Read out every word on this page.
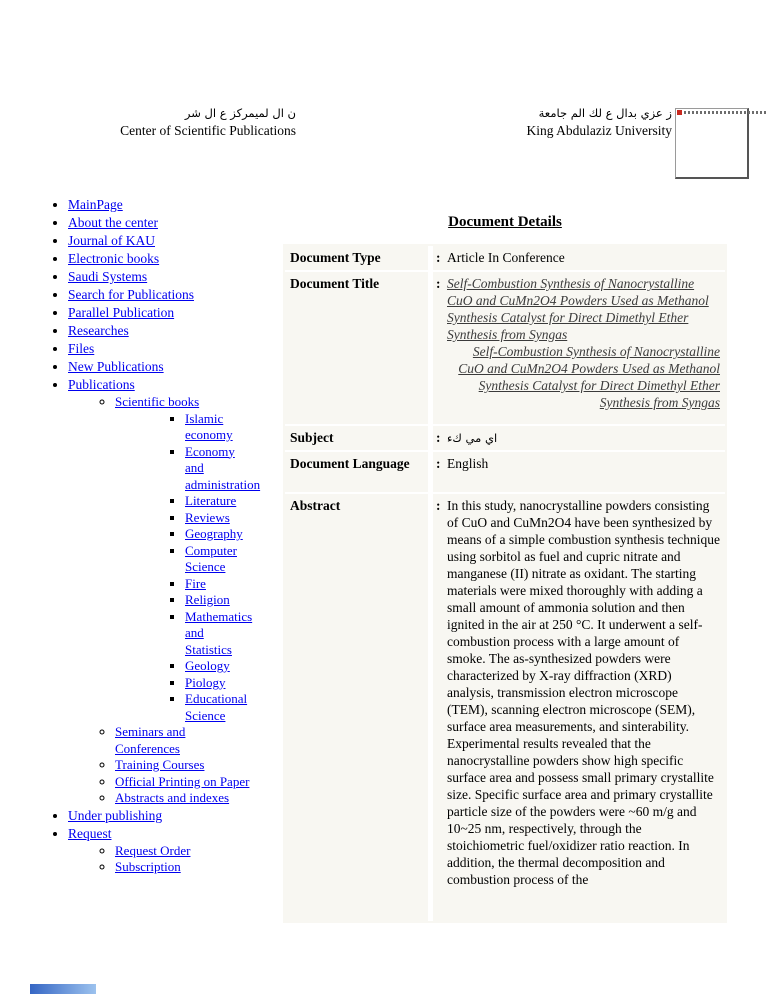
ن ال لميمركز ع ال شر
Center of Scientific Publications
ز عزي بدال ع لك الم جامعة
King Abdulaziz University
• MainPage
• About the center
• Journal of KAU
• Electronic books
• Saudi Systems
• Search for Publications
• Parallel Publication
• Researches
• Files
• New Publications
• Publications
◦ Scientific books
▪ Islamic economy
▪ Economy and administration
▪ Literature
▪ Reviews
▪ Geography
▪ Computer Science
▪ Fire
▪ Religion
▪ Mathematics and Statistics
▪ Geology
▪ Piology
▪ Educational Science
◦ Seminars and Conferences
◦ Training Courses
◦ Official Printing on Paper
◦ Abstracts and indexes
• Under publishing
• Request
◦ Request Order
◦ Subscription
Document Details
Document Type	: Article In Conference
Document Title	: Self-Combustion Synthesis of Nanocrystalline CuO and CuMn2O4 Powders Used as Methanol Synthesis Catalyst for Direct Dimethyl Ether Synthesis from Syngas
Self-Combustion Synthesis of Nanocrystalline CuO and CuMn2O4 Powders Used as Methanol Synthesis Catalyst for Direct Dimethyl Ether Synthesis from Syngas
Subject	: اي مي كء
Document Language	: English
Abstract	: In this study, nanocrystalline powders consisting of CuO and CuMn2O4 have been synthesized by means of a simple combustion synthesis technique using sorbitol as fuel and cupric nitrate and manganese (II) nitrate as oxidant. The starting materials were mixed thoroughly with adding a small amount of ammonia solution and then ignited in the air at 250 °C. It underwent a self-combustion process with a large amount of smoke. The as-synthesized powders were characterized by X-ray diffraction (XRD) analysis, transmission electron microscope (TEM), scanning electron microscope (SEM), surface area measurements, and sinterability. Experimental results revealed that the nanocrystalline powders show high specific surface area and possess small primary crystallite size. Specific surface area and primary crystallite particle size of the powders were ~60 m/g and 10~25 nm, respectively, through the stoichiometric fuel/oxidizer ratio reaction. In addition, the thermal decomposition and combustion process of the
